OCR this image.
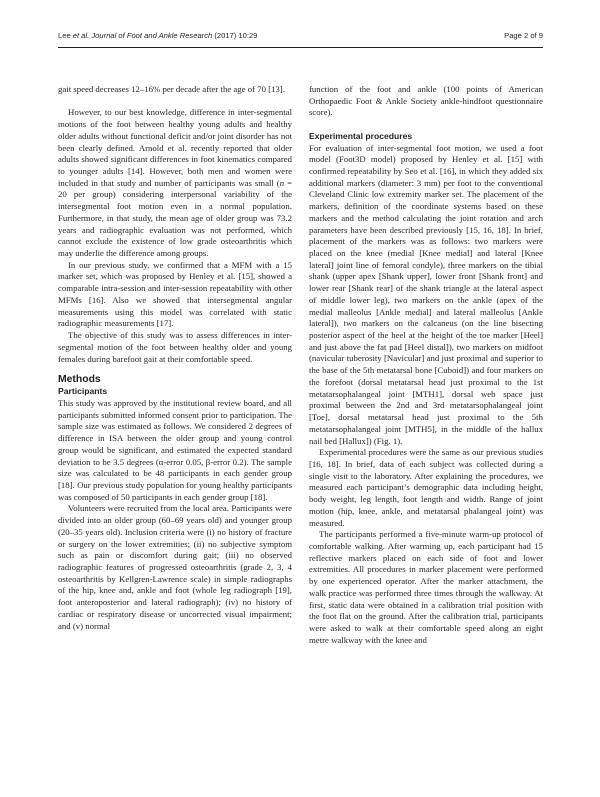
Lee et al. Journal of Foot and Ankle Research (2017) 10:29	Page 2 of 9

gait speed decreases 12–16% per decade after the age of 70 [13].

However, to our best knowledge, difference in inter-segmental motions of the foot between healthy young adults and healthy older adults without functional deficit and/or joint disorder has not been clearly defined. Arnold et al. recently reported that older adults showed significant differences in foot kinematics compared to younger adults [14]. However, both men and women were included in that study and number of participants was small (n = 20 per group) considering interpersonal variability of the intersegmental foot motion even in a normal population. Furthermore, in that study, the mean age of older group was 73.2 years and radiographic evaluation was not performed, which cannot exclude the existence of low grade osteoarthritis which may underlie the difference among groups.

In our previous study, we confirmed that a MFM with a 15 marker set, which was proposed by Henley et al. [15], showed a comparable intra-session and inter-session repeatability with other MFMs [16]. Also we showed that intersegmental angular measurements using this model was correlated with static radiographic measurements [17].

The objective of this study was to assess differences in inter-segmental motion of the foot between healthy older and young females during barefoot gait at their comfortable speed.

Methods
Participants

This study was approved by the institutional review board, and all participants submitted informed consent prior to participation. The sample size was estimated as follows. We considered 2 degrees of difference in ISA between the older group and young control group would be significant, and estimated the expected standard deviation to be 3.5 degrees (α-error 0.05, β-error 0.2). The sample size was calculated to be 48 participants in each gender group [18]. Our previous study population for young healthy participants was composed of 50 participants in each gender group [18].

Volunteers were recruited from the local area. Participants were divided into an older group (60–69 years old) and younger group (20–35 years old). Inclusion criteria were (i) no history of fracture or surgery on the lower extremities; (ii) no subjective symptom such as pain or discomfort during gait; (iii) no observed radiographic features of progressed osteoarthritis (grade 2, 3, 4 osteoarthritis by Kellgren-Lawrence scale) in simple radiographs of the hip, knee and, ankle and foot (whole leg radiograph [19], foot anteroposterior and lateral radiograph); (iv) no history of cardiac or respiratory disease or uncorrected visual impairment; and (v) normal

function of the foot and ankle (100 points of American Orthopaedic Foot & Ankle Society ankle-hindfoot questionnaire score).

Experimental procedures

For evaluation of inter-segmental foot motion, we used a foot model (Foot3D model) proposed by Henley et al. [15] with confirmed repeatability by Seo et al. [16], in which they added six additional markers (diameter: 3 mm) per foot to the conventional Cleveland Clinic low extremity marker set. The placement of the markers, definition of the coordinate systems based on these markers and the method calculating the joint rotation and arch parameters have been described previously [15, 16, 18]. In brief, placement of the markers was as follows: two markers were placed on the knee (medial [Knee medial] and lateral [Knee lateral] joint line of femoral condyle), three markers on the tibial shank (upper apex [Shank upper], lower front [Shank front] and lower rear [Shank rear] of the shank triangle at the lateral aspect of middle lower leg), two markers on the ankle (apex of the medial malleolus [Ankle medial] and lateral malleolus [Ankle lateral]), two markers on the calcaneus (on the line bisecting posterior aspect of the heel at the height of the toe marker [Heel] and just above the fat pad [Heel distal]), two markers on midfoot (navicular tuberosity [Navicular] and just proximal and superior to the base of the 5th metatarsal bone [Cuboid]) and four markers on the forefoot (dorsal metatarsal head just proximal to the 1st metatarsophalangeal joint [MTH1], dorsal web space just proximal between the 2nd and 3rd metatarsophalangeal joint [Toe], dorsal metatarsal head just proximal to the 5th metatarsophalangeal joint [MTH5], in the middle of the hallux nail bed [Hallux]) (Fig. 1).

Experimental procedures were the same as our previous studies [16, 18]. In brief, data of each subject was collected during a single visit to the laboratory. After explaining the procedures, we measured each participant’s demographic data including height, body weight, leg length, foot length and width. Range of joint motion (hip, knee, ankle, and metatarsal phalangeal joint) was measured.

The participants performed a five-minute warm-up protocol of comfortable walking. After warming up, each participant had 15 reflective markers placed on each side of foot and lower extremities. All procedures in marker placement were performed by one experienced operator. After the marker attachment, the walk practice was performed three times through the walkway. At first, static data were obtained in a calibration trial position with the foot flat on the ground. After the calibration trial, participants were asked to walk at their comfortable speed along an eight metre walkway with the knee and
